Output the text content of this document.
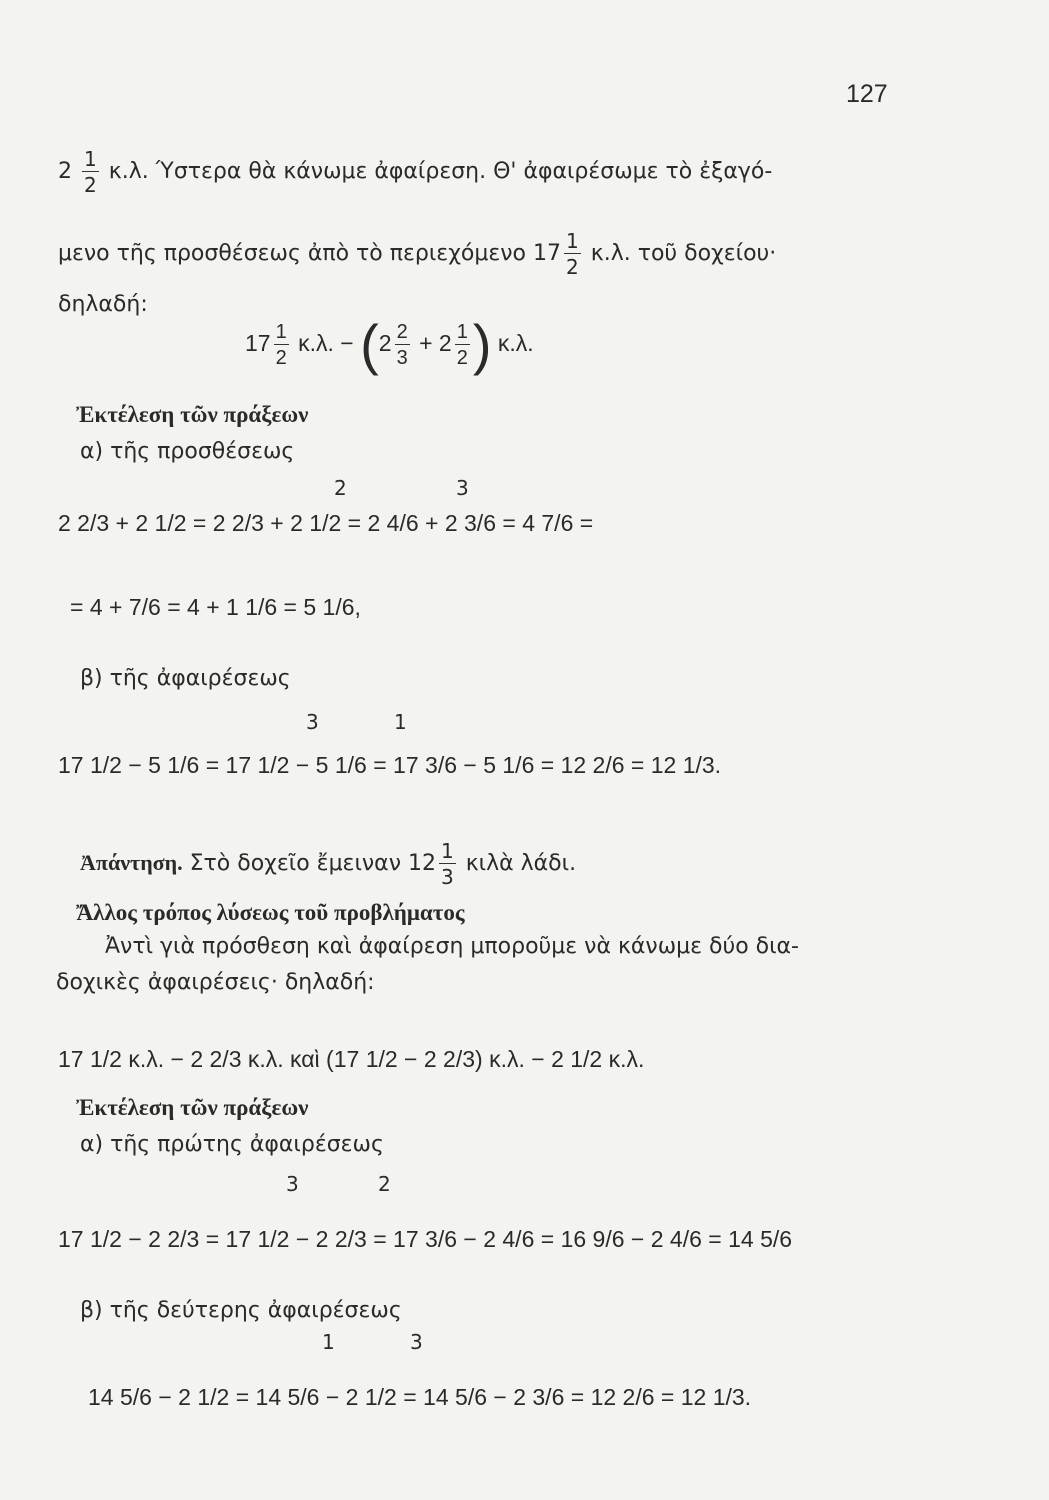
127
$2 \frac{1}{2} \kappa.\lambda$. Ύστερα θὰ κάνωμε ἀφαίρεση. Θ' ἀφαιρέσωμε τὸ ἐξαγό-
μενο τῆς προσθέσεως ἀπὸ τὸ περιεχόμενο $17 \frac{1}{2} \kappa.\lambda$. τοῦ δοχείου·
δηλαδή:
$17 \frac{1}{2} \kappa.\lambda$. − ($2 \frac{2}{3} + 2 \frac{1}{2}$ ) κ.λ.
Ἐκτέλεση τῶν πράξεων
α) τῆς προσθέσεως
2	3
2 2/3 + 2 1/2 = 2 2/3 + 2 1/2 = 2 4/6 + 2 3/6 = 4 7/6 =
= 4 + 7/6 = 4 + 1 1/6 = 5 1/6,
β) τῆς ἀφαιρέσεως
3	1
17 1/2 − 5 1/6 = 17 1/2 − 5 1/6 = 17 3/6 − 5 1/6 = 12 2/6 = 12 1/3.
Ἀπάντηση. Στὸ δοχεῖο ἔμειναν $12 \frac{1}{3}$ κιλὰ λάδι.
Ἄλλος τρόπος λύσεως τοῦ προβλήματος
Ἀντὶ γιὰ πρόσθεση καὶ ἀφαίρεση μποροῦμε νὰ κάνωμε δύο δια-
δοχικὲς ἀφαιρέσεις· δηλαδή:
17 1/2 κ.λ. − 2 2/3 κ.λ. καὶ (17 1/2 − 2 2/3) κ.λ. − 2 1/2 κ.λ.
Ἐκτέλεση τῶν πράξεων
α) τῆς πρώτης ἀφαιρέσεως
3	2
17 1/2 − 2 2/3 = 17 1/2 − 2 2/3 = 17 3/6 − 2 4/6 = 16 9/6 − 2 4/6 = 14 5/6
β) τῆς δεύτερης ἀφαιρέσεως
1	3
14 5/6 − 2 1/2 = 14 5/6 − 2 1/2 = 14 5/6 − 2 3/6 = 12 2/6 = 12 1/3.
